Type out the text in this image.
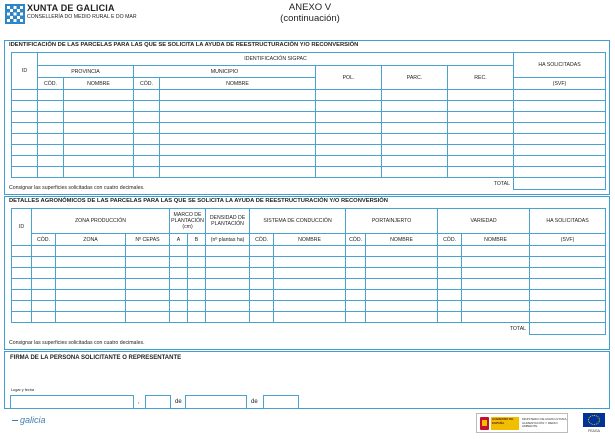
XUNTA DE GALICIA
CONSELLERÍA DO MEDIO RURAL E DO MAR
ANEXO V
(continuación)
IDENTIFICACIÓN DE LAS PARCELAS PARA LAS QUE SE SOLICITA LA AYUDA DE REESTRUCTURACIÓN Y/O RECONVERSIÓN
ID	IDENTIFICACIÓN SIGPAC							HA SOLICITADAS
	PROVINCIA		MUNICIPIO		POL.	PARC.	REC.	
	CÓD.	NOMBRE	CÓD.	NOMBRE				(SVF)

TOTAL								
Consignar las superficies solicitadas con cuatro decimales.
DETALLES AGRONÓMICOS DE LAS PARCELAS PARA LAS QUE SE SOLICITA LA AYUDA DE REESTRUCTURACIÓN Y/O RECONVERSIÓN
ID	ZONA PRODUCCIÓN			MARCO DE PLANTACIÓN (cm)		DENSIDAD DE PLANTACIÓN	SISTEMA DE CONDUCCIÓN		PORTAINJERTO		VARIEDAD		HA SOLICITADAS
	CÓD.	ZONA	Nº CEPAS	A	B	(nº plantas ha)	CÓD.	NOMBRE	CÓD.	NOMBRE	CÓD.	NOMBRE	(SVF)

TOTAL													
Consignar las superficies solicitadas con cuatro decimales.
FIRMA DE LA PERSONA SOLICITANTE O REPRESENTANTE
Lugar y fecha
,	de	de
galicia	GOBIERNO DE ESPAÑA
MINISTERIO DE AGRICULTURA, ALIMENTACIÓN Y MEDIO AMBIENTE
FEAGA
